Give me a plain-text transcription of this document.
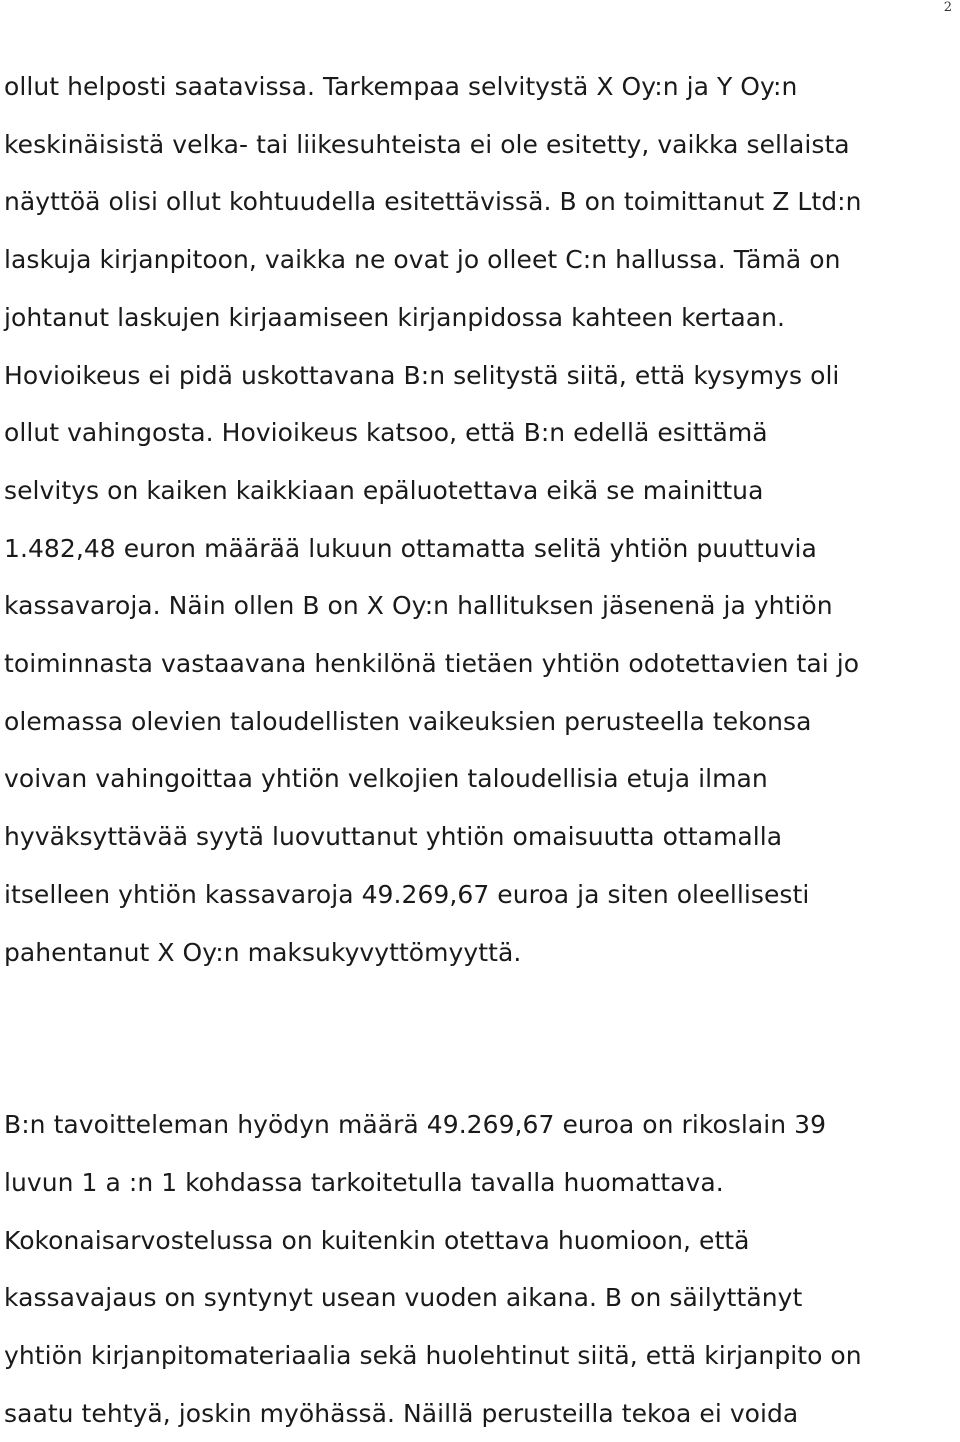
2
ollut helposti saatavissa. Tarkempaa selvitystä X Oy:n ja Y Oy:n
keskinäisistä velka- tai liikesuhteista ei ole esitetty, vaikka sellaista
näyttöä olisi ollut kohtuudella esitettävissä. B on toimittanut Z Ltd:n
laskuja kirjanpitoon, vaikka ne ovat jo olleet C:n hallussa. Tämä on
johtanut laskujen kirjaamiseen kirjanpidossa kahteen kertaan.
Hovioikeus ei pidä uskottavana B:n selitystä siitä, että kysymys oli
ollut vahingosta. Hovioikeus katsoo, että B:n edellä esittämä
selvitys on kaiken kaikkiaan epäluotettava eikä se mainittua
1.482,48 euron määrää lukuun ottamatta selitä yhtiön puuttuvia
kassavaroja. Näin ollen B on X Oy:n hallituksen jäsenenä ja yhtiön
toiminnasta vastaavana henkilönä tietäen yhtiön odotettavien tai jo
olemassa olevien taloudellisten vaikeuksien perusteella tekonsa
voivan vahingoittaa yhtiön velkojien taloudellisia etuja ilman
hyväksyttävää syytä luovuttanut yhtiön omaisuutta ottamalla
itselleen yhtiön kassavaroja 49.269,67 euroa ja siten oleellisesti
pahentanut X Oy:n maksukyvyttömyyttä.
B:n tavoitteleman hyödyn määrä 49.269,67 euroa on rikoslain 39
luvun 1 a :n 1 kohdassa tarkoitetulla tavalla huomattava.
Kokonaisarvostelussa on kuitenkin otettava huomioon, että
kassavajaus on syntynyt usean vuoden aikana. B on säilyttänyt
yhtiön kirjanpitomateriaalia sekä huolehtinut siitä, että kirjanpito on
saatu tehtyä, joskin myöhässä. Näillä perusteilla tekoa ei voida
